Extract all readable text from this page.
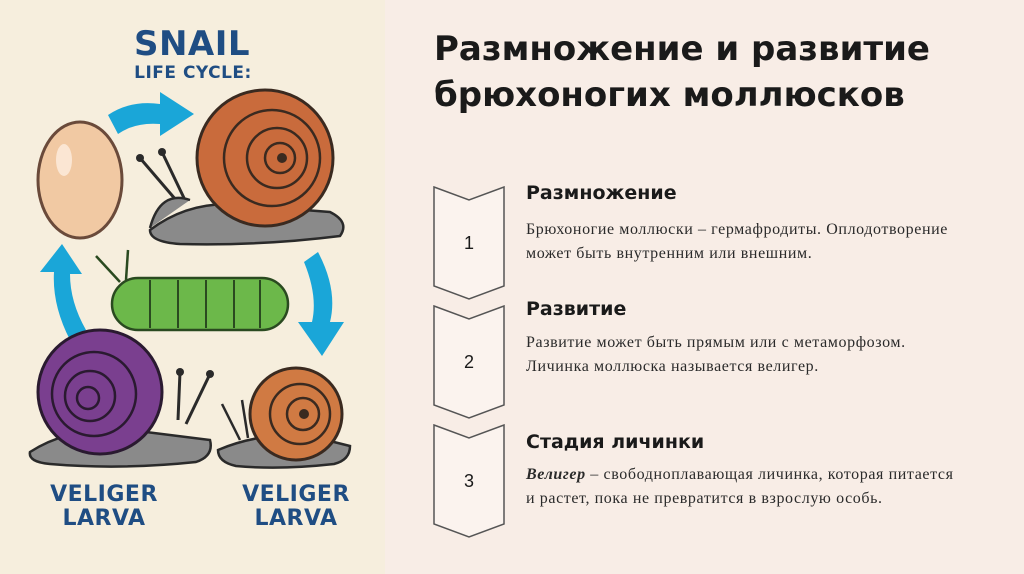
SNAIL
LIFE CYCLE:
VELIGER LARVA
VELIGER LARVA
Размножение и развитие брюхоногих моллюсков
1
Размножение
Брюхоногие моллюски – гермафродиты. Оплодотворение может быть внутренним или внешним.
2
Развитие
Развитие может быть прямым или с метаморфозом. Личинка моллюска называется велигер.
3
Стадия личинки
Велигер – свободноплавающая личинка, которая питается и растет, пока не превратится в взрослую особь.
